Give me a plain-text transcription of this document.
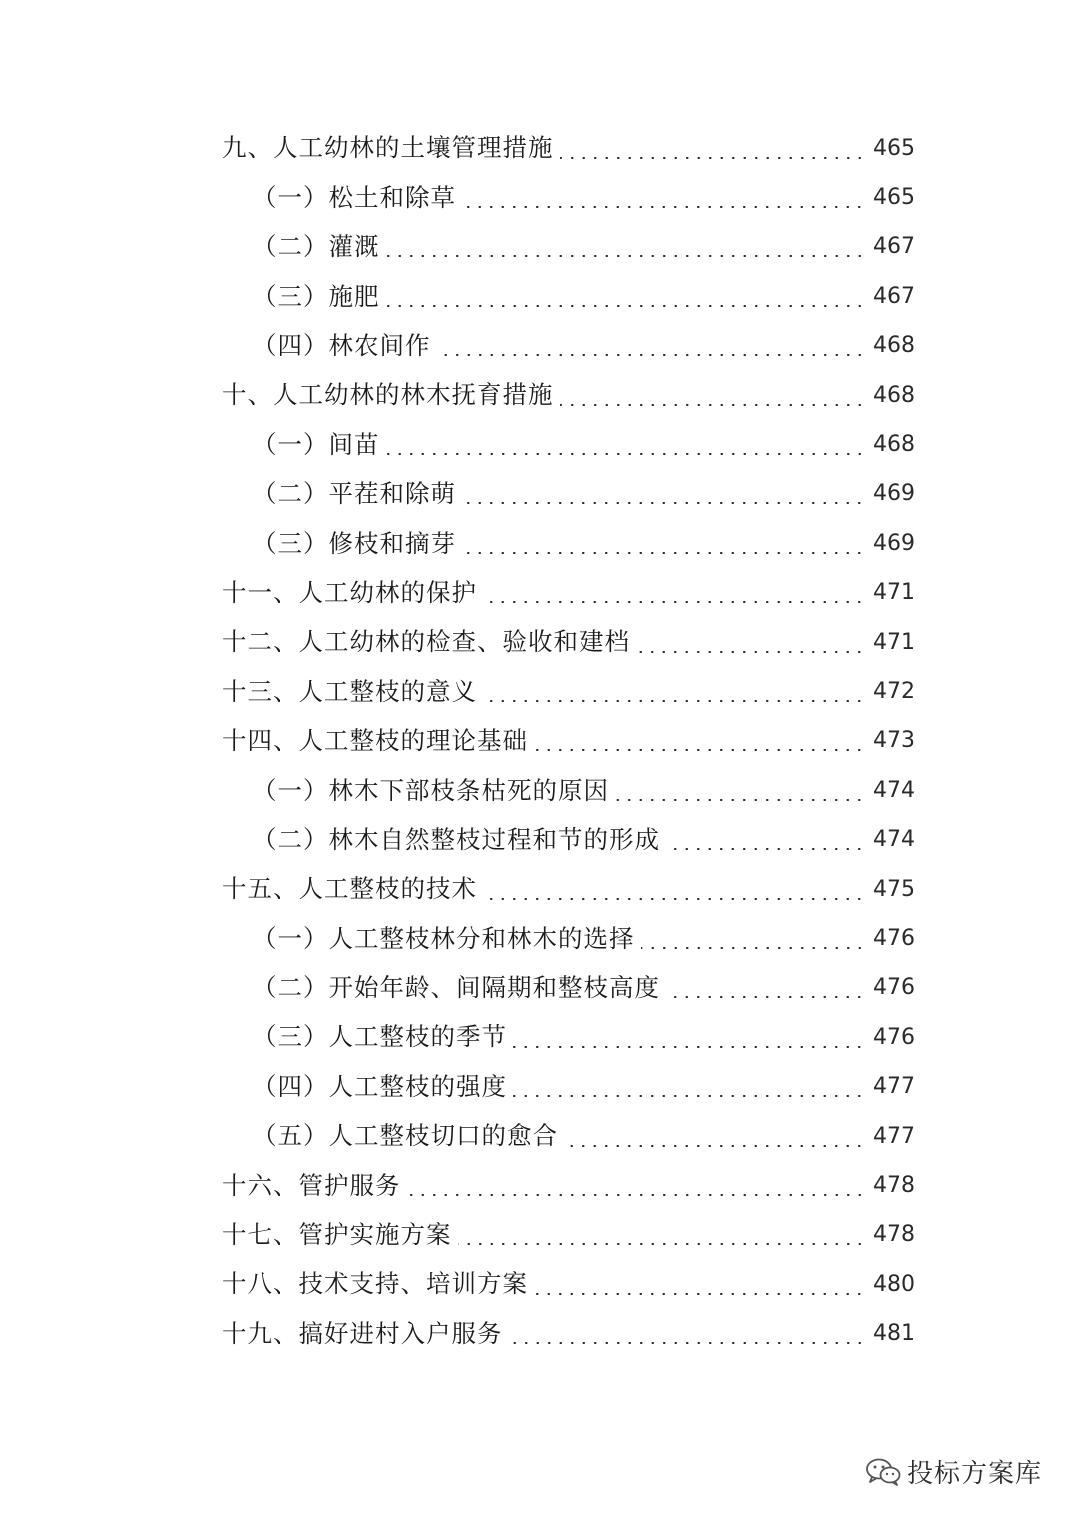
九、人工幼林的土壤管理措施	465
（一）松土和除草	465
（二）灌溉	467
（三）施肥	467
（四）林农间作	468
十、人工幼林的林木抚育措施	468
（一）间苗	468
（二）平茬和除萌	469
（三）修枝和摘芽	469
十一、人工幼林的保护	471
十二、人工幼林的检查、验收和建档	471
十三、人工整枝的意义	472
十四、人工整枝的理论基础	473
（一）林木下部枝条枯死的原因	474
（二）林木自然整枝过程和节的形成	474
十五、人工整枝的技术	475
（一）人工整枝林分和林木的选择	476
（二）开始年龄、间隔期和整枝高度	476
（三）人工整枝的季节	476
（四）人工整枝的强度	477
（五）人工整枝切口的愈合	477
十六、管护服务	478
十七、管护实施方案	478
十八、技术支持、培训方案	480
十九、搞好进村入户服务	481
投标方案库
